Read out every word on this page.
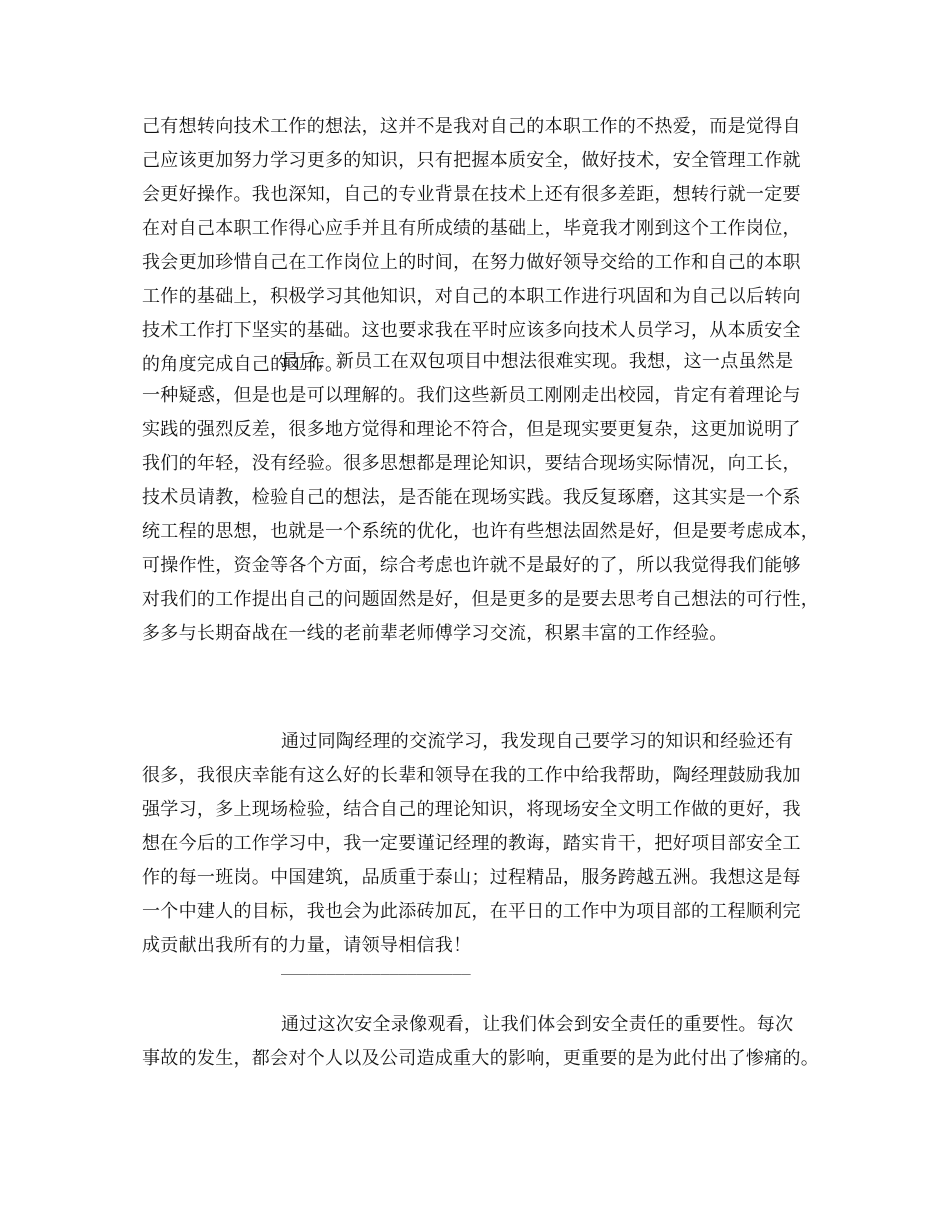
己有想转向技术工作的想法，这并不是我对自己的本职工作的不热爱，而是觉得自
己应该更加努力学习更多的知识，只有把握本质安全，做好技术，安全管理工作就
会更好操作。我也深知，自己的专业背景在技术上还有很多差距，想转行就一定要
在对自己本职工作得心应手并且有所成绩的基础上，毕竟我才刚到这个工作岗位，
我会更加珍惜自己在工作岗位上的时间，在努力做好领导交给的工作和自己的本职
工作的基础上，积极学习其他知识，对自己的本职工作进行巩固和为自己以后转向
技术工作打下坚实的基础。这也要求我在平时应该多向技术人员学习，从本质安全
的角度完成自己的工作。
最后，新员工在双包项目中想法很难实现。我想，这一点虽然是
一种疑惑，但是也是可以理解的。我们这些新员工刚刚走出校园，肯定有着理论与
实践的强烈反差，很多地方觉得和理论不符合，但是现实要更复杂，这更加说明了
我们的年轻，没有经验。很多思想都是理论知识，要结合现场实际情况，向工长，
技术员请教，检验自己的想法，是否能在现场实践。我反复琢磨，这其实是一个系
统工程的思想，也就是一个系统的优化，也许有些想法固然是好，但是要考虑成本，
可操作性，资金等各个方面，综合考虑也许就不是最好的了，所以我觉得我们能够
对我们的工作提出自己的问题固然是好，但是更多的是要去思考自己想法的可行性，
多多与长期奋战在一线的老前辈老师傅学习交流，积累丰富的工作经验。
通过同陶经理的交流学习，我发现自己要学习的知识和经验还有
很多，我很庆幸能有这么好的长辈和领导在我的工作中给我帮助，陶经理鼓励我加
强学习，多上现场检验，结合自己的理论知识，将现场安全文明工作做的更好，我
想在今后的工作学习中，我一定要谨记经理的教诲，踏实肯干，把好项目部安全工
作的每一班岗。中国建筑，品质重于泰山；过程精品，服务跨越五洲。我想这是每
一个中建人的目标，我也会为此添砖加瓦，在平日的工作中为项目部的工程顺利完
成贡献出我所有的力量，请领导相信我！
_____________________
通过这次安全录像观看，让我们体会到安全责任的重要性。每次
事故的发生，都会对个人以及公司造成重大的影响，更重要的是为此付出了惨痛的。
